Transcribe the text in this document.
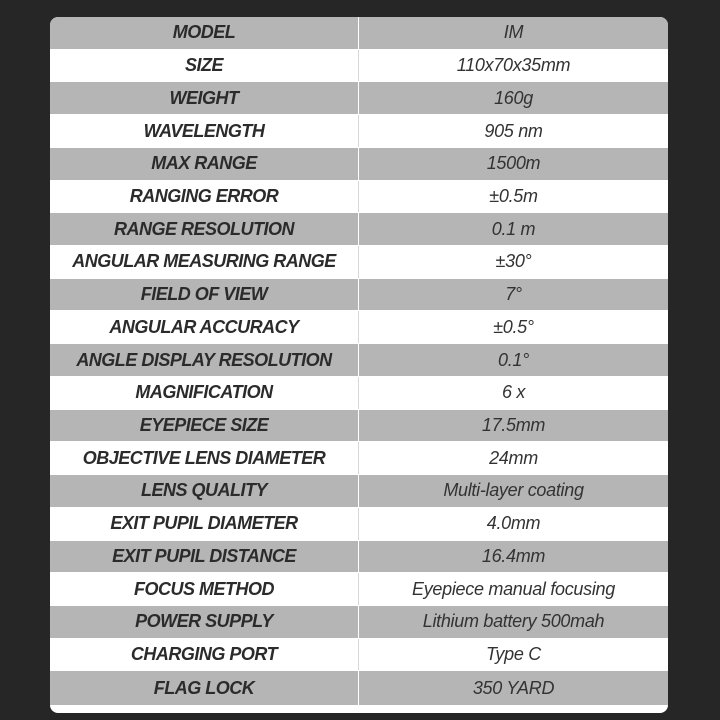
MODEL	IM
SIZE	110x70x35mm
WEIGHT	160g
WAVELENGTH	905 nm
MAX RANGE	1500m
RANGING ERROR	±0.5m
RANGE RESOLUTION	0.1 m
ANGULAR MEASURING RANGE	±30°
FIELD OF VIEW	7°
ANGULAR ACCURACY	±0.5°
ANGLE DISPLAY RESOLUTION	0.1°
MAGNIFICATION	6 x
EYEPIECE SIZE	17.5mm
OBJECTIVE LENS DIAMETER	24mm
LENS QUALITY	Multi-layer coating
EXIT PUPIL DIAMETER	4.0mm
EXIT PUPIL DISTANCE	16.4mm
FOCUS METHOD	Eyepiece manual focusing
POWER SUPPLY	Lithium battery 500mah
CHARGING PORT	Type C
FLAG LOCK	350 YARD
